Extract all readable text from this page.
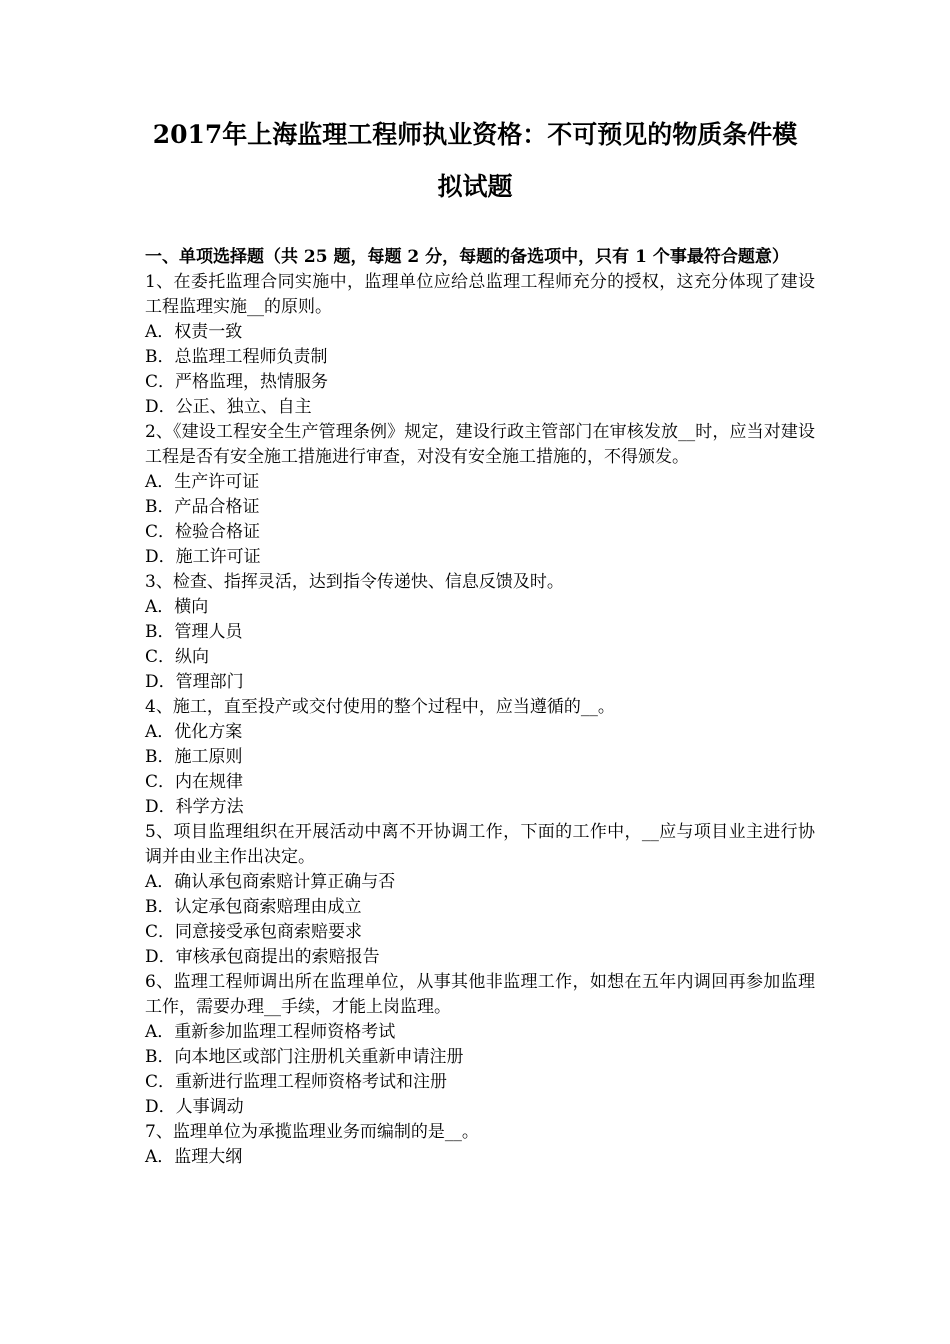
2017年上海监理工程师执业资格：不可预见的物质条件模
拟试题

一、单项选择题（共 25 题，每题 2 分，每题的备选项中，只有 1 个事最符合题意）

1、在委托监理合同实施中，监理单位应给总监理工程师充分的授权，这充分体现了建设工程监理实施__的原则。

A．权责一致

B．总监理工程师负责制

C．严格监理，热情服务

D．公正、独立、自主

2、《建设工程安全生产管理条例》规定，建设行政主管部门在审核发放__时，应当对建设工程是否有安全施工措施进行审查，对没有安全施工措施的，不得颁发。

A．生产许可证

B．产品合格证

C．检验合格证

D．施工许可证

3、检查、指挥灵活，达到指令传递快、信息反馈及时。

A．横向

B．管理人员

C．纵向

D．管理部门

4、施工，直至投产或交付使用的整个过程中，应当遵循的__。

A．优化方案

B．施工原则

C．内在规律

D．科学方法

5、项目监理组织在开展活动中离不开协调工作，下面的工作中，__应与项目业主进行协调并由业主作出决定。

A．确认承包商索赔计算正确与否

B．认定承包商索赔理由成立

C．同意接受承包商索赔要求

D．审核承包商提出的索赔报告

6、监理工程师调出所在监理单位，从事其他非监理工作，如想在五年内调回再参加监理工作，需要办理__手续，才能上岗监理。

A．重新参加监理工程师资格考试

B．向本地区或部门注册机关重新申请注册

C．重新进行监理工程师资格考试和注册

D．人事调动

7、监理单位为承揽监理业务而编制的是__。

A．监理大纲
